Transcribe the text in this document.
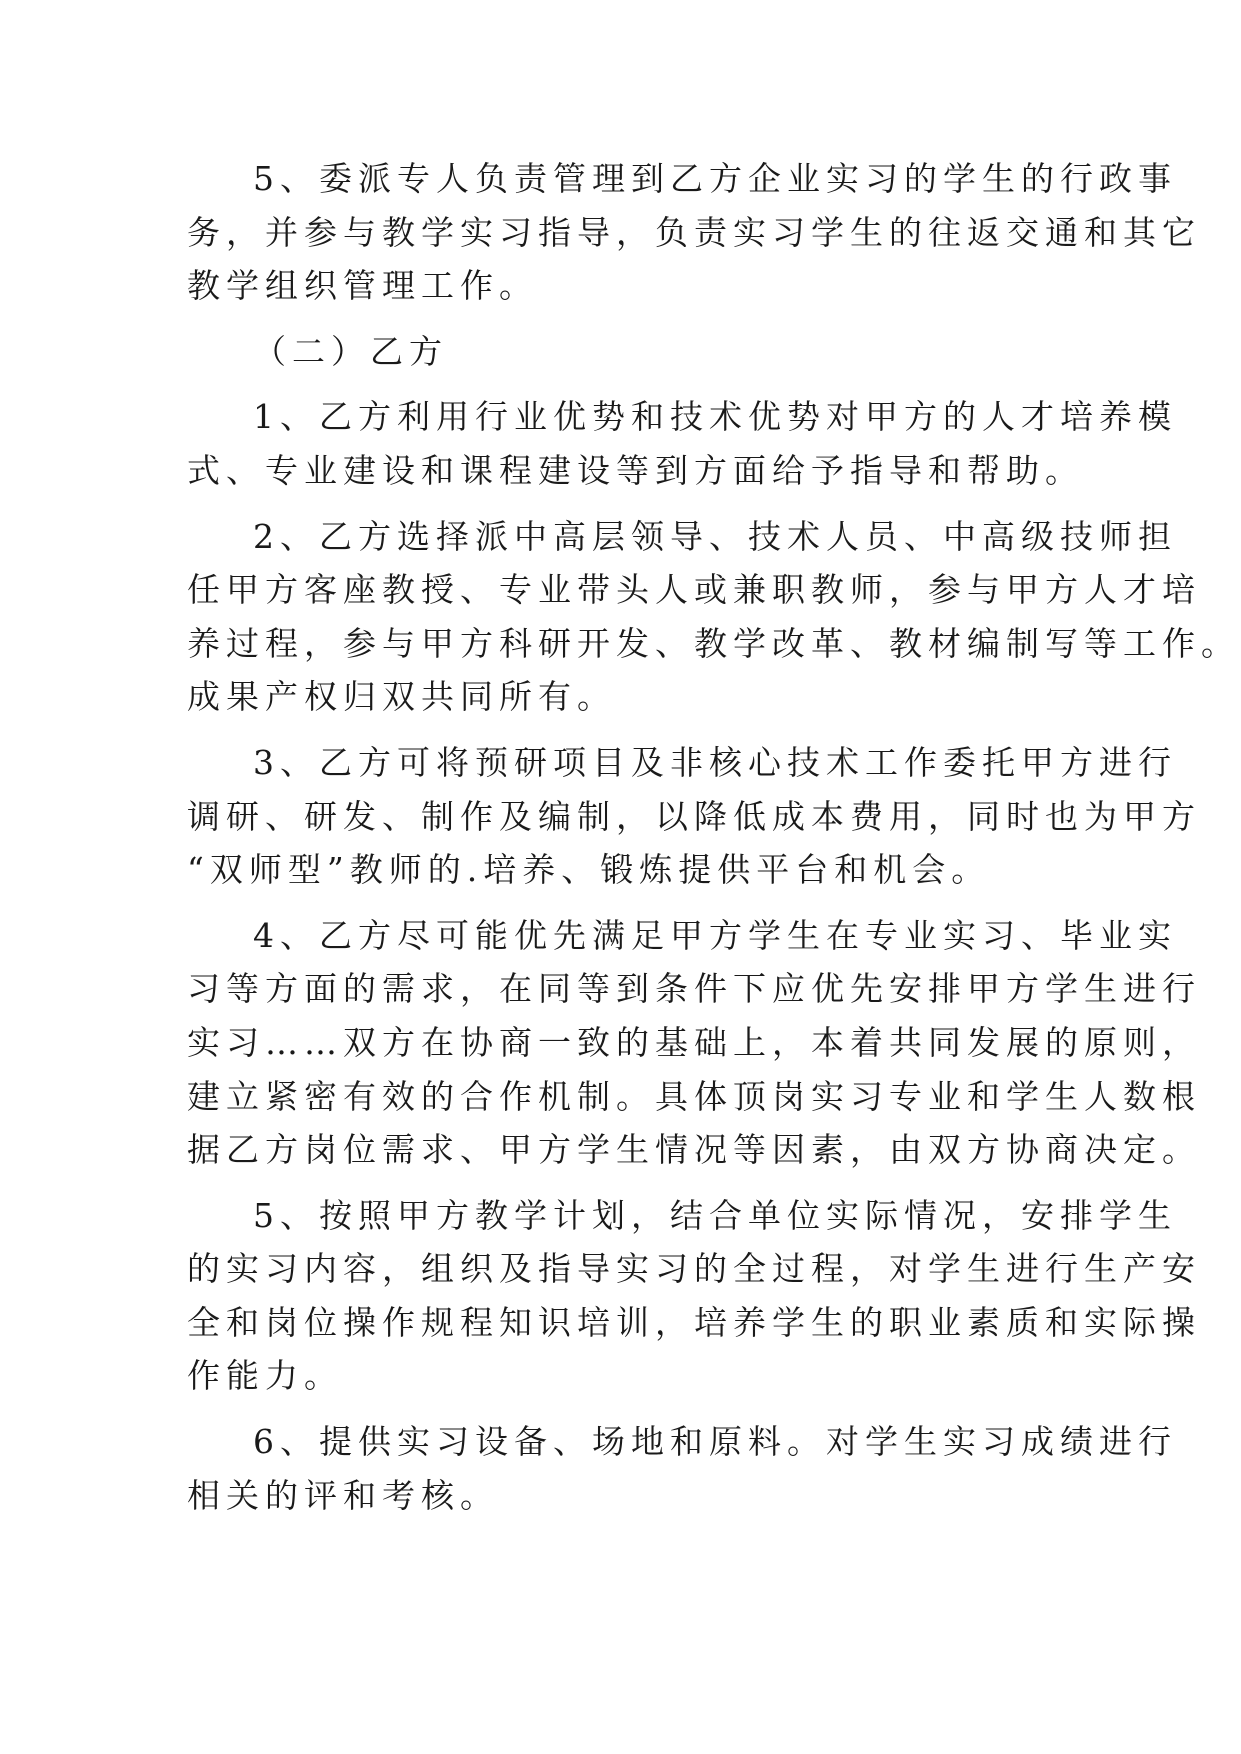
5、委派专人负责管理到乙方企业实习的学生的行政事
务，并参与教学实习指导，负责实习学生的往返交通和其它
教学组织管理工作。
（二）乙方
1、乙方利用行业优势和技术优势对甲方的人才培养模
式、专业建设和课程建设等到方面给予指导和帮助。
2、乙方选择派中高层领导、技术人员、中高级技师担
任甲方客座教授、专业带头人或兼职教师，参与甲方人才培
养过程，参与甲方科研开发、教学改革、教材编制写等工作。
成果产权归双共同所有。
3、乙方可将预研项目及非核心技术工作委托甲方进行
调研、研发、制作及编制，以降低成本费用，同时也为甲方
“双师型”教师的.培养、锻炼提供平台和机会。
4、乙方尽可能优先满足甲方学生在专业实习、毕业实
习等方面的需求，在同等到条件下应优先安排甲方学生进行
实习……双方在协商一致的基础上，本着共同发展的原则，
建立紧密有效的合作机制。具体顶岗实习专业和学生人数根
据乙方岗位需求、甲方学生情况等因素，由双方协商决定。
5、按照甲方教学计划，结合单位实际情况，安排学生
的实习内容，组织及指导实习的全过程，对学生进行生产安
全和岗位操作规程知识培训，培养学生的职业素质和实际操
作能力。
6、提供实习设备、场地和原料。对学生实习成绩进行
相关的评和考核。
